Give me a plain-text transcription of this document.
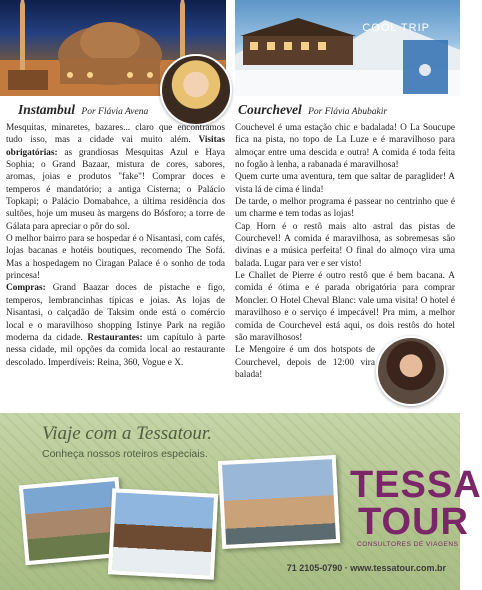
COOL TRIP
Instambul Por Flávia Avena	Courchevel Por Flávia Abubakir

Mesquitas, minaretes, bazares... claro que encontramos tudo isso, mas a cidade vai muito além. Visitas obrigatórias: as grandiosas Mesquitas Azul e Haya Sophia; o Grand Bazaar, mistura de cores, sabores, aromas, joias e produtos "fake"! Comprar doces e temperos é mandatório; a antiga Cisterna; o Palácio Topkapi; o Palácio Domabahce, a última residência dos sultões, hoje um museu às margens do Bósforo; a torre de Gálata para apreciar o pôr do sol.

O melhor bairro para se hospedar é o Nisantasi, com cafés, lojas bacanas e hotéis boutiques, recomendo The Sofá. Mas a hospedagem no Ciragan Palace é o sonho de toda princesa!

Compras: Grand Baazar doces de pistache e figo, temperos, lembrancinhas típicas e joias. As lojas de Nisantasi, o calçadão de Taksim onde está o comércio local e o maravilhoso shopping Istinye Park na região moderna da cidade. Restaurantes: um capítulo à parte nessa cidade, mil opções da comida local ao restaurante descolado. Imperdíveis: Reina, 360, Vogue e X.

Couchevel é uma estação chic e badalada! O La Soucupe fica na pista, no topo de La Luze e é maravilhoso para almoçar entre uma descida e outra! A comida é toda feita no fogão à lenha, a rabanada é maravilhosa!

Quem curte uma aventura, tem que saltar de paraglider! A vista lá de cima é linda!

De tarde, o melhor programa é passear no centrinho que é um charme e tem todas as lojas!

Cap Horn é o restô mais alto astral das pistas de Courchevel! A comida é maravilhosa, as sobremesas são divinas e a música perfeita! O final do almoço vira uma balada. Lugar para ver e ser visto!

Le Challet de Pierre é outro restô que é bem bacana. A comida é ótima e é parada obrigatória para comprar Moncler. O Hotel Cheval Blanc: vale uma visita! O hotel é maravilhoso e o serviço é impecável! Pra mim, a melhor comida de Courchevel está aqui, os dois restôs do hotel são maravilhosos!

Le Mengoire é um dos hotspots de Courchevel, depois de 12:00 vira balada!

Viaje com a Tessatour.
Conheça nossos roteiros especiais.
TESSA
TOUR
CONSULTORES DE VIAGENS
71 2105-0790 · www.tessatour.com.br
